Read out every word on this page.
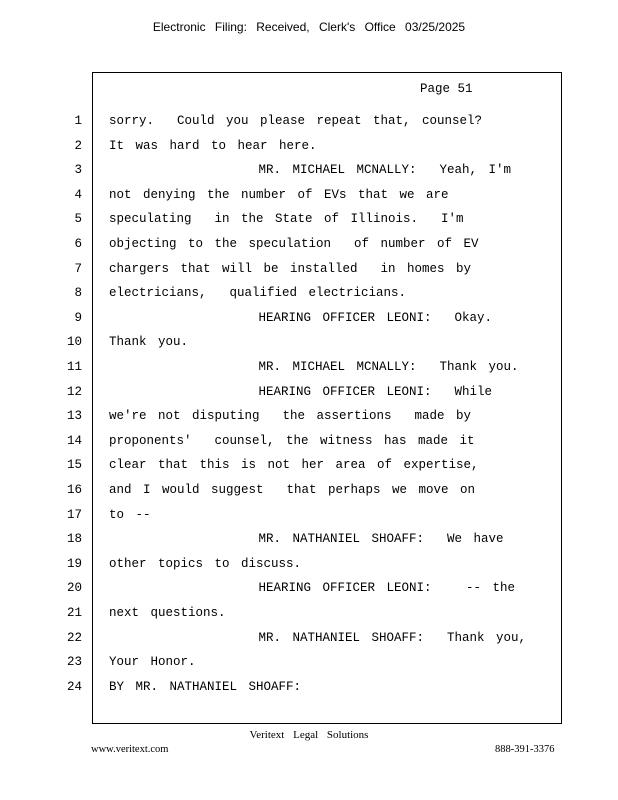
Electronic Filing: Received, Clerk's Office 03/25/2025
Page 51
1 sorry.  Could you please repeat that, counsel?
2 It was hard to hear here.
3 MR. MICHAEL MCNALLY:  Yeah, I'm
4 not denying the number of EVs that we are
5 speculating  in the State of Illinois.  I'm
6 objecting to the speculation  of number of EV
7 chargers that will be installed  in homes by
8 electricians,  qualified electricians.
9 HEARING OFFICER LEONI:  Okay.
10 Thank you.
11 MR. MICHAEL MCNALLY:  Thank you.
12 HEARING OFFICER LEONI:  While
13 we're not disputing  the assertions  made by
14 proponents'  counsel, the witness has made it
15 clear that this is not her area of expertise,
16 and I would suggest  that perhaps we move on
17 to --
18 MR. NATHANIEL SHOAFF:  We have
19 other topics to discuss.
20 HEARING OFFICER LEONI:   -- the
21 next questions.
22 MR. NATHANIEL SHOAFF:  Thank you,
23 Your Honor.
24 BY MR. NATHANIEL SHOAFF:
Veritext Legal Solutions
www.veritext.com	888-391-3376
